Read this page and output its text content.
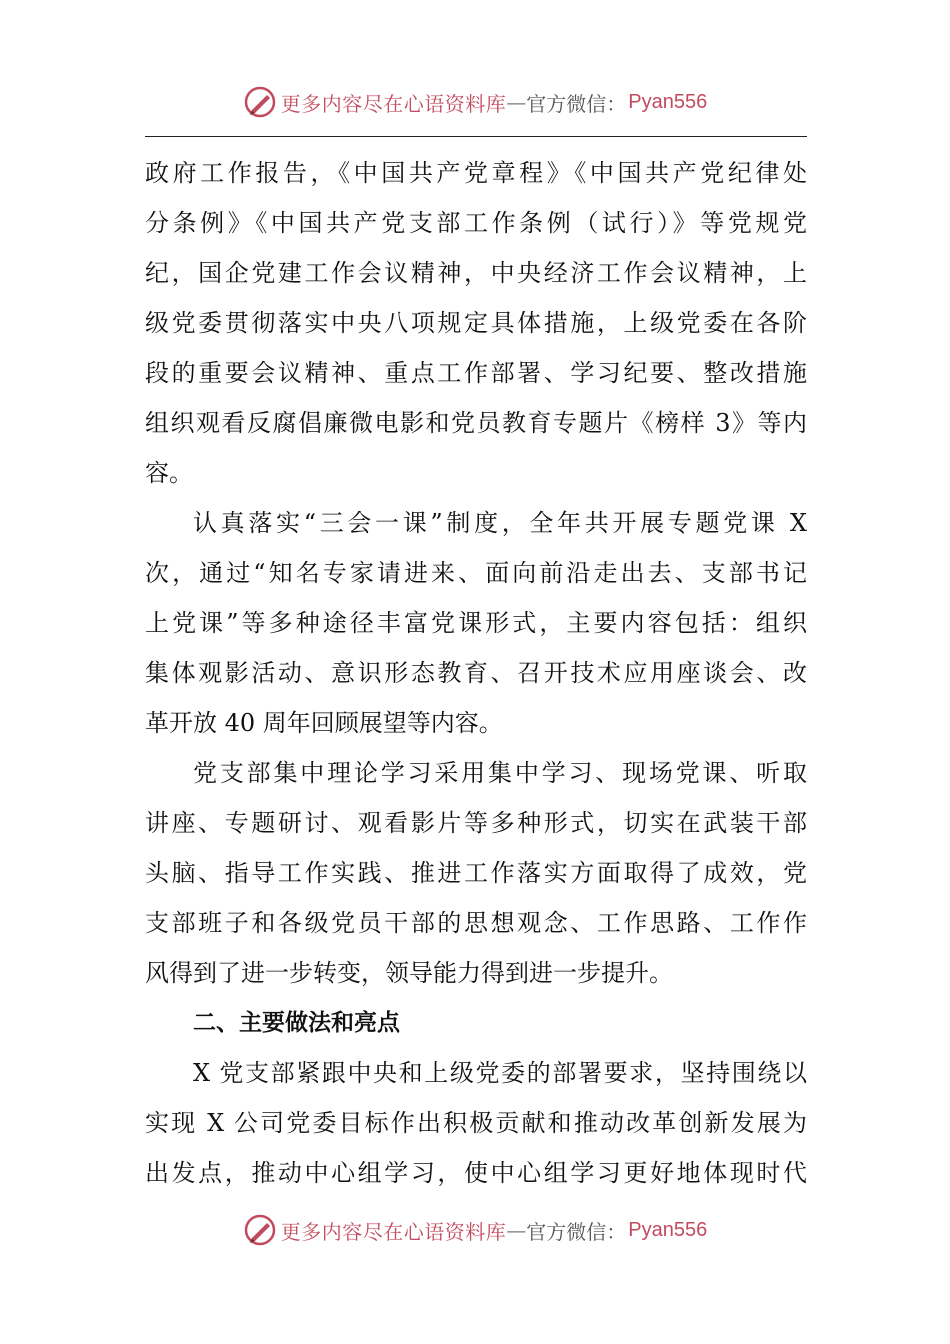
更多内容尽在心语资料库 — 官方微信： Pyan556
政府工作报告，《中国共产党章程》《中国共产党纪律处
分条例》《中国共产党支部工作条例（试行）》等党规党
纪，国企党建工作会议精神，中央经济工作会议精神，上
级党委贯彻落实中央八项规定具体措施，上级党委在各阶
段的重要会议精神、重点工作部署、学习纪要、整改措施
组织观看反腐倡廉微电影和党员教育专题片《榜样 3》等内
容。
认真落实“三会一课”制度，全年共开展专题党课 X
次，通过“知名专家请进来、面向前沿走出去、支部书记
上党课”等多种途径丰富党课形式，主要内容包括：组织
集体观影活动、意识形态教育、召开技术应用座谈会、改
革开放 40 周年回顾展望等内容。
党支部集中理论学习采用集中学习、现场党课、听取
讲座、专题研讨、观看影片等多种形式，切实在武装干部
头脑、指导工作实践、推进工作落实方面取得了成效，党
支部班子和各级党员干部的思想观念、工作思路、工作作
风得到了进一步转变，领导能力得到进一步提升。
二、主要做法和亮点
X 党支部紧跟中央和上级党委的部署要求，坚持围绕以
实现 X 公司党委目标作出积极贡献和推动改革创新发展为
出发点，推动中心组学习，使中心组学习更好地体现时代
更多内容尽在心语资料库 — 官方微信： Pyan556
